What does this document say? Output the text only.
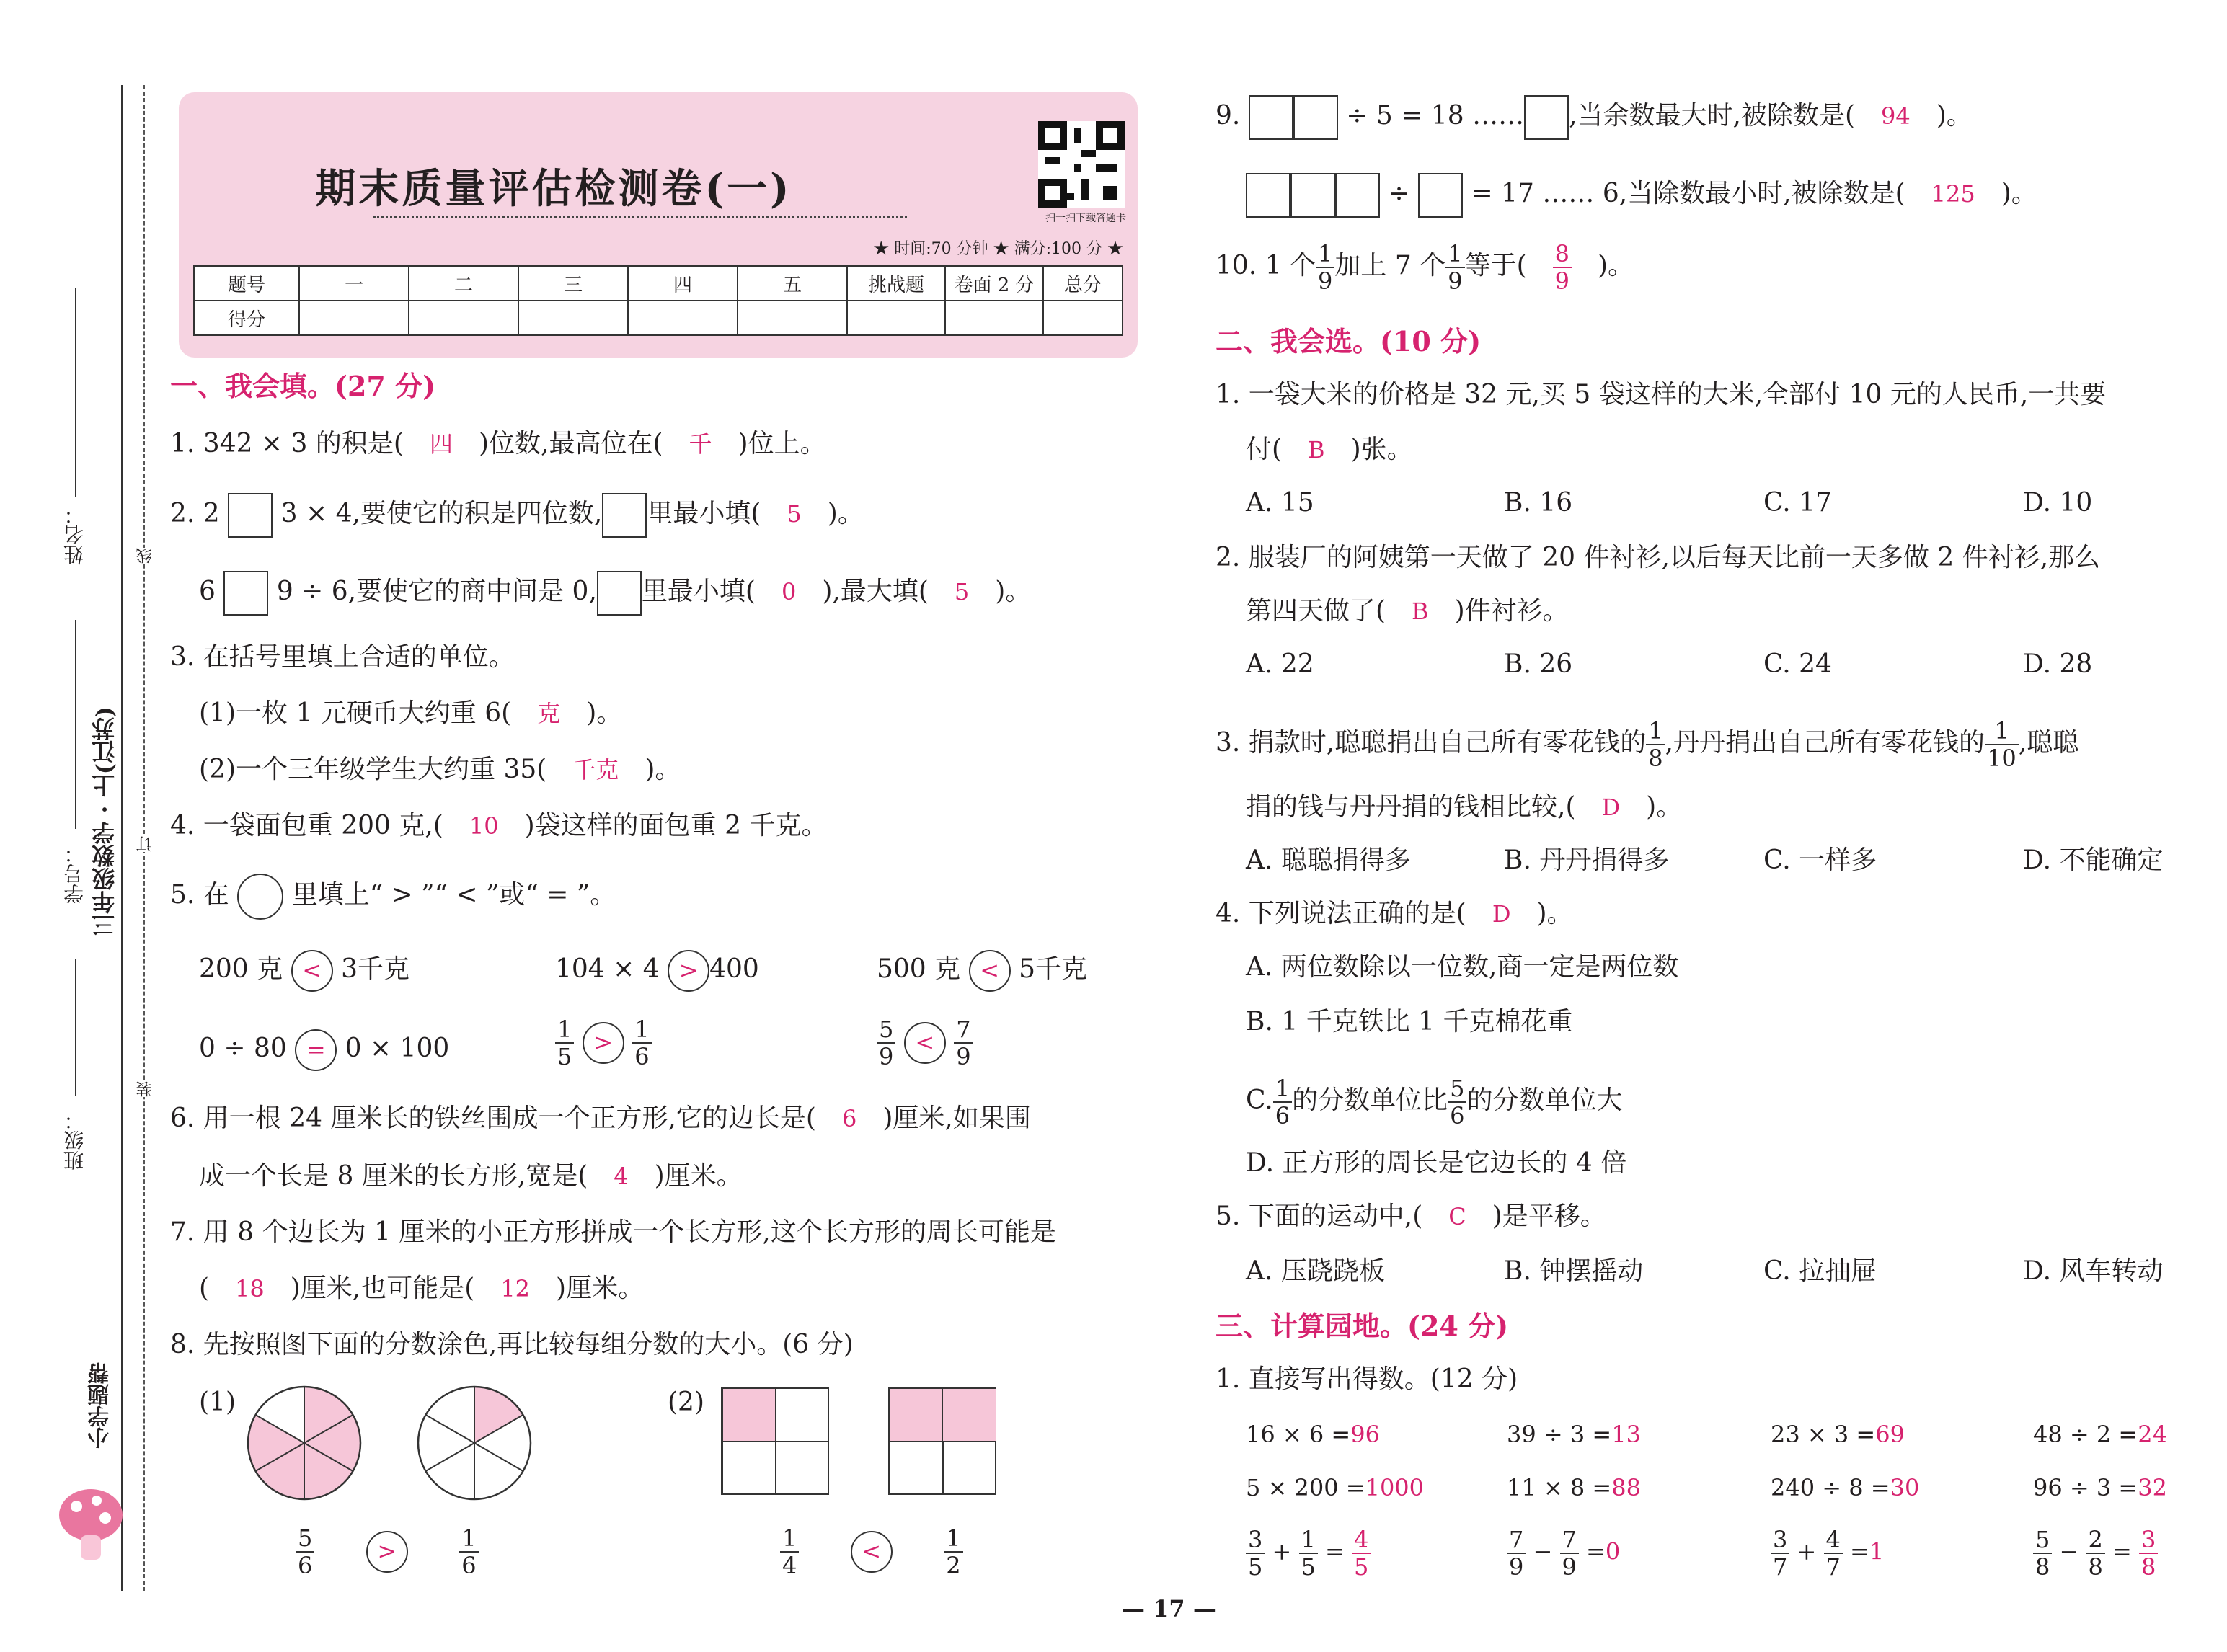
线
订
装
姓名：
学号：
班级：
三年级数学 · 上(江苏)
小学题帮
期末质量评估检测卷(一)
扫一扫下载答题卡
★ 时间:70 分钟 ★ 满分:100 分 ★
题号	一	二	三	四	五	挑战题	卷面 2 分	总分
得分								
一、我会填。(27 分)
1. 342 × 3 的积是( 四 )位数,最高位在( 千 )位上。
2. 2 3 × 4,要使它的积是四位数, 里最小填( 5 )。
6 9 ÷ 6,要使它的商中间是 0, 里最小填( 0 ),最大填( 5 )。
3. 在括号里填上合适的单位。
(1)一枚 1 元硬币大约重 6( 克 )。
(2)一个三年级学生大约重 35( 千克 )。
4. 一袋面包重 200 克,( 10 )袋这样的面包重 2 千克。
5. 在 里填上“ > ”“ < ”或“ = ”。
200 克 < 3千克	104 × 4 > 400	500 克 < 5千克
0 ÷ 80 = 0 × 100	$\frac{1}{5} > \frac{1}{6}$	$\frac{5}{9} < \frac{7}{9}$
6. 用一根 24 厘米长的铁丝围成一个正方形,它的边长是( 6 )厘米,如果围
成一个长是 8 厘米的长方形,宽是( 4 )厘米。
7. 用 8 个边长为 1 厘米的小正方形拼成一个长方形,这个长方形的周长可能是
( 18 )厘米,也可能是( 12 )厘米。
8. 先按照图下面的分数涂色,再比较每组分数的大小。(6 分)
(1)
$\frac{5}{6}$	>	$\frac{1}{6}$
(2)
$\frac{1}{4}$	<	$\frac{1}{2}$
9.	÷ 5 = 18 …… ,当余数最大时,被除数是( 94 )。
÷ = 17 …… 6,当除数最小时,被除数是( 125 )。
10. 1 个 $\frac{1}{9}$ 加上 7 个 $\frac{1}{9}$ 等于( $\frac{8}{9}$ )。
二、我会选。(10 分)
1. 一袋大米的价格是 32 元,买 5 袋这样的大米,全部付 10 元的人民币,一共要
付( B )张。
A. 15	B. 16	C. 17	D. 10
2. 服装厂的阿姨第一天做了 20 件衬衫,以后每天比前一天多做 2 件衬衫,那么
第四天做了( B )件衬衫。
A. 22	B. 26	C. 24	D. 28
3. 捐款时,聪聪捐出自己所有零花钱的 $\frac{1}{8}$ ,丹丹捐出自己所有零花钱的 $\frac{1}{10}$ ,聪聪
捐的钱与丹丹捐的钱相比较,( D )。
A. 聪聪捐得多	B. 丹丹捐得多	C. 一样多	D. 不能确定
4. 下列说法正确的是( D )。
A. 两位数除以一位数,商一定是两位数
B. 1 千克铁比 1 千克棉花重
C. $\frac{1}{6}$ 的分数单位比 $\frac{5}{6}$ 的分数单位大
D. 正方形的周长是它边长的 4 倍
5. 下面的运动中,( C )是平移。
A. 压跷跷板	B. 钟摆摇动	C. 拉抽屉	D. 风车转动
三、计算园地。(24 分)
1. 直接写出得数。(12 分)
16 × 6 =96	39 ÷ 3 =13	23 × 3 =69	48 ÷ 2 =24
5 × 200 =1000	11 × 8 =88	240 ÷ 8 =30	96 ÷ 3 =32
$\frac{3}{5} + \frac{1}{5} = \frac{4}{5}$	$\frac{7}{9} - \frac{7}{9} =0$	$\frac{3}{7} + \frac{4}{7} =1$	$\frac{5}{8} - \frac{2}{8} = \frac{3}{8}$
— 17 —
